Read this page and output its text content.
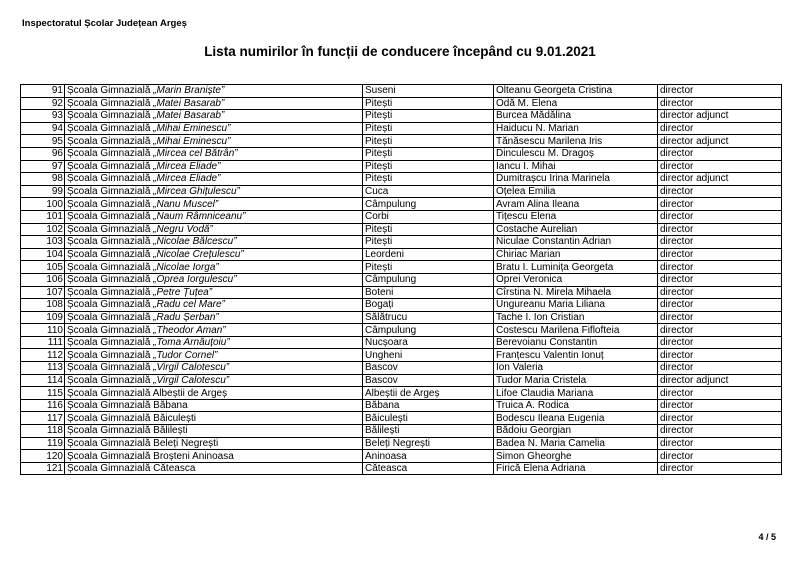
Inspectoratul Școlar Județean Argeș
Lista numirilor în funcții de conducere începând cu 9.01.2021
91	Școala Gimnazială „Marin Braniște”	Suseni	Olteanu Georgeta Cristina	director
92	Școala Gimnazială „Matei Basarab”	Pitești	Odă M. Elena	director
93	Școala Gimnazială „Matei Basarab”	Pitești	Burcea Mădălina	director adjunct
94	Școala Gimnazială „Mihai Eminescu”	Pitești	Haiducu N. Marian	director
95	Școala Gimnazială „Mihai Eminescu”	Pitești	Tănăsescu Marilena Iris	director adjunct
96	Școala Gimnazială „Mircea cel Bătrân”	Pitești	Dinculescu M. Dragoș	director
97	Școala Gimnazială „Mircea Eliade”	Pitești	Iancu I. Mihai	director
98	Școala Gimnazială „Mircea Eliade”	Pitești	Dumitrașcu Irina Marinela	director adjunct
99	Școala Gimnazială „Mircea Ghițulescu”	Cuca	Oțelea Emilia	director
100	Școala Gimnazială „Nanu Muscel”	Câmpulung	Avram Alina Ileana	director
101	Școala Gimnazială „Naum Râmniceanu”	Corbi	Tițescu Elena	director
102	Școala Gimnazială „Negru Vodă”	Pitești	Costache Aurelian	director
103	Școala Gimnazială „Nicolae Bălcescu”	Pitești	Niculae Constantin Adrian	director
104	Școala Gimnazială „Nicolae Crețulescu”	Leordeni	Chiriac Marian	director
105	Școala Gimnazială „Nicolae Iorga”	Pitești	Bratu I. Luminița Georgeta	director
106	Școala Gimnazială „Oprea Iorgulescu”	Câmpulung	Oprei Veronica	director
107	Școala Gimnazială „Petre Țuțea”	Boteni	Cîrstina N. Mirela Mihaela	director
108	Școala Gimnazială „Radu cel Mare”	Bogați	Ungureanu Maria Liliana	director
109	Școala Gimnazială „Radu Șerban”	Sălătrucu	Tache I. Ion Cristian	director
110	Școala Gimnazială „Theodor Aman”	Câmpulung	Costescu Marilena Fiflofteia	director
111	Școala Gimnazială „Toma Arnăuțoiu”	Nucșoara	Berevoianu Constantin	director
112	Școala Gimnazială „Tudor Cornel”	Ungheni	Franțescu Valentin Ionuț	director
113	Școala Gimnazială „Virgil Calotescu”	Bascov	Ion Valeria	director
114	Școala Gimnazială „Virgil Calotescu”	Bascov	Tudor Maria Cristela	director adjunct
115	Școala Gimnazială Albeștii de Argeș	Albeștii de Argeș	Lifoe Claudia Mariana	director
116	Școala Gimnazială Băbana	Băbana	Truica A. Rodica	director
117	Școala Gimnazială Băiculești	Băiculești	Bodescu Ileana Eugenia	director
118	Școala Gimnazială Bălilești	Bălilești	Bădoiu Georgian	director
119	Școala Gimnazială Beleți Negrești	Beleți Negrești	Badea N. Maria Camelia	director
120	Școala Gimnazială Broșteni Aninoasa	Aninoasa	Simon Gheorghe	director
121	Școala Gimnazială Căteasca	Căteasca	Firică Elena Adriana	director
4 / 5
